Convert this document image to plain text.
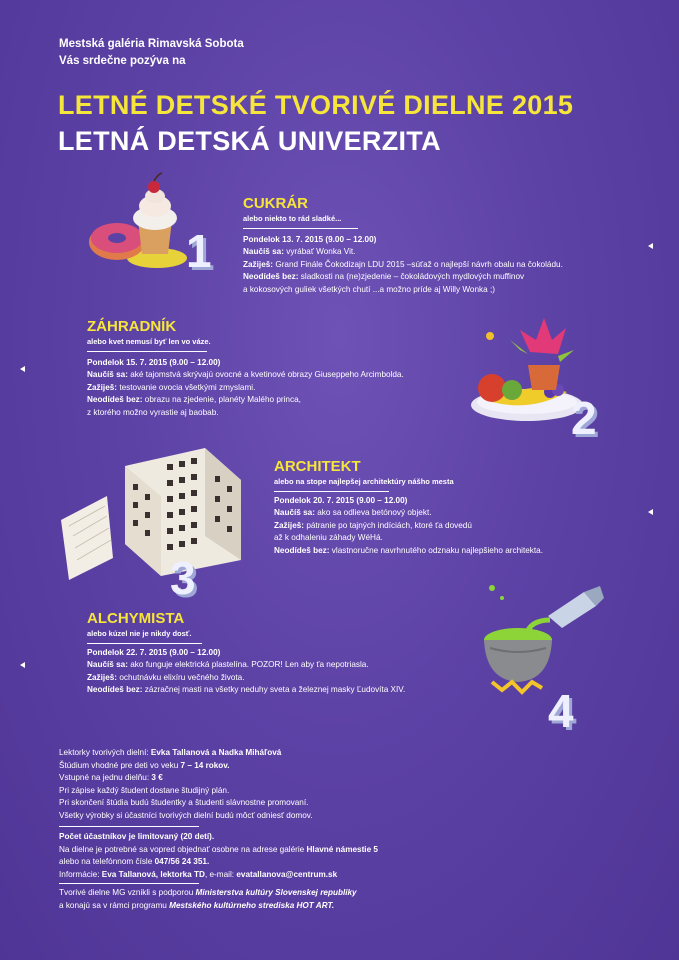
Mestská galéria Rimavská Sobota
Vás srdečne pozýva na
LETNÉ DETSKÉ TVORIVÉ DIELNE 2015
LETNÁ DETSKÁ UNIVERZITA
1
CUKRÁR
alebo niekto to rád sladké...
Pondelok 13. 7. 2015 (9.00 – 12.00)
Naučíš sa: vyrábať Wonka Vit.
Zažiješ: Grand Finále Čokodizajn LDU 2015 –súťaž o najlepší návrh obalu na čokoládu.
Neodídeš bez: sladkosti na (ne)zjedenie – čokoládových mydlových muffinov
a kokosových guliek všetkých chutí ...a možno príde aj Willy Wonka ;)
ZÁHRADNÍK
alebo kvet nemusí byť len vo váze.
Pondelok 15. 7. 2015 (9.00 – 12.00)
Naučíš sa: aké tajomstvá skrývajú ovocné a kvetinové obrazy Giuseppeho Arcimbolda.
Zažiješ: testovanie ovocia všetkými zmyslami.
Neodídeš bez: obrazu na zjedenie, planéty Malého princa,
z ktorého možno vyrastie aj baobab.	2
3
ARCHITEKT
alebo na stope najlepšej architektúry nášho mesta
Pondelok 20. 7. 2015 (9.00 – 12.00)
Naučíš sa: ako sa odlieva betónový objekt.
Zažiješ: pátranie po tajných indíciách, ktoré ťa dovedú
až k odhaleniu záhady WéHá.
Neodídeš bez: vlastnoručne navrhnutého odznaku najlepšieho architekta.
ALCHYMISTA
alebo kúzel nie je nikdy dosť.
Pondelok 22. 7. 2015 (9.00 – 12.00)
Naučíš sa: ako funguje elektrická plastelína. POZOR! Len aby ťa nepotriasla.
Zažiješ: ochutnávku elixíru večného života.
Neodídeš bez: zázračnej masti na všetky neduhy sveta a železnej masky Ľudovíta XIV.	4
Lektorky tvorivých dielní: Evka Tallanová a Nadka Miháľová
Štúdium vhodné pre deti vo veku 7 – 14 rokov.
Vstupné na jednu dielňu: 3 €
Pri zápise každý študent dostane študijný plán.
Pri skončení štúdia budú študentky a študenti slávnostne promovaní.
Všetky výrobky si účastníci tvorivých dielní budú môcť odniesť domov.
Počet účastníkov je limitovaný (20 detí).
Na dielne je potrebné sa vopred objednať osobne na adrese galérie Hlavné námestie 5
alebo na telefónnom čísle 047/56 24 351.
Informácie: Eva Tallanová, lektorka TD, e-mail: evatallanova@centrum.sk
Tvorivé dielne MG vznikli s podporou Ministerstva kultúry Slovenskej republiky
a konajú sa v rámci programu Mestského kultúrneho strediska HOT ART.
